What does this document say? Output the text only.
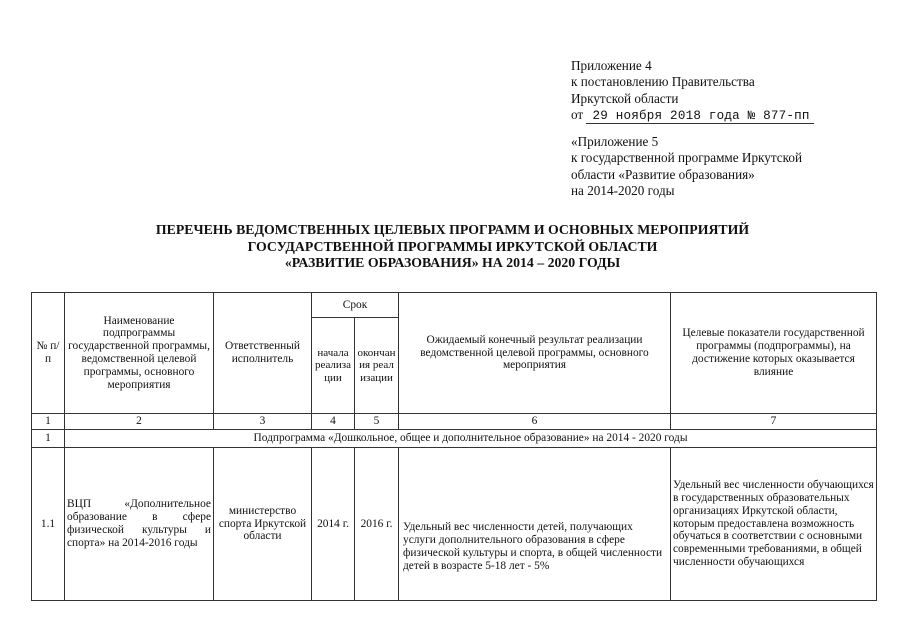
Приложение 4
к постановлению Правительства
Иркутской области
от 29 ноября 2018 года № 877-пп
«Приложение 5
к государственной программе Иркутской
области «Развитие образования»
на 2014-2020 годы
ПЕРЕЧЕНЬ ВЕДОМСТВЕННЫХ ЦЕЛЕВЫХ ПРОГРАММ И ОСНОВНЫХ МЕРОПРИЯТИЙ
ГОСУДАРСТВЕННОЙ ПРОГРАММЫ ИРКУТСКОЙ ОБЛАСТИ
«РАЗВИТИЕ ОБРАЗОВАНИЯ» НА 2014 – 2020 ГОДЫ
№ п/п	Наименование подпрограммы государственной программы, ведомственной целевой программы, основного мероприятия	Ответственный исполнитель	Срок		Ожидаемый конечный результат реализации ведомственной целевой программы, основного мероприятия	Целевые показатели государственной программы (подпрограммы), на достижение которых оказывается влияние
			начала реализации	окончания реализации		
1	2	3	4	5	6	7
1	Подпрограмма «Дошкольное, общее и дополнительное образование» на 2014 - 2020 годы					
1.1	ВЦП «Дополнительное образование в сфере физической культуры и спорта» на 2014-2016 годы	министерство спорта Иркутской области	2014 г.	2016 г.	Удельный вес численности детей, получающих услуги дополнительного образования в сфере физической культуры и спорта, в общей численности детей в возрасте 5-18 лет - 5%	Удельный вес численности обучающихся в государственных образовательных организациях Иркутской области, которым предоставлена возможность обучаться в соответствии с основными современными требованиями, в общей численности обучающихся
